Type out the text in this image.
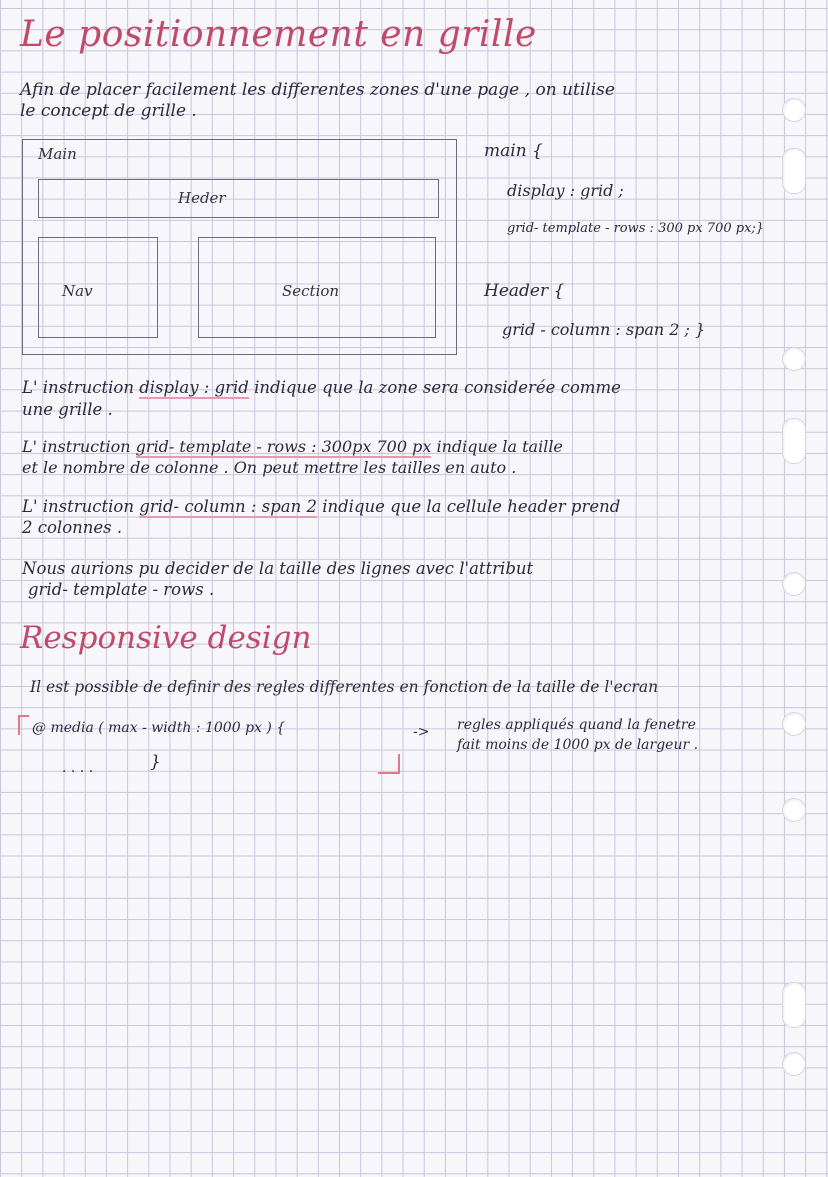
Le positionnement en grille
Afin de placer facilement les differentes zones d'une page , on utilise
le concept de grille .
Main
Heder
Nav	Section
main {
display : grid ;
grid- template - rows : 300 px 700 px;}
Header {
grid - column : span 2 ; }
L' instruction display : grid indique que la zone sera considerée comme
une grille .
L' instruction grid- template - rows : 300px 700 px indique la taille
et le nombre de colonne . On peut mettre les tailles en auto .
L' instruction grid- column : span 2 indique que la cellule header prend
2 colonnes .
Nous aurions pu decider de la taille des lignes avec l'attribut
grid- template - rows .
Responsive design
Il est possible de definir des regles differentes en fonction de la taille de l'ecran
@ media ( max - width : 1000 px ) {	-> regles appliqués quand la fenetre
fait moins de 1000 px de largeur .
. . . .	}
